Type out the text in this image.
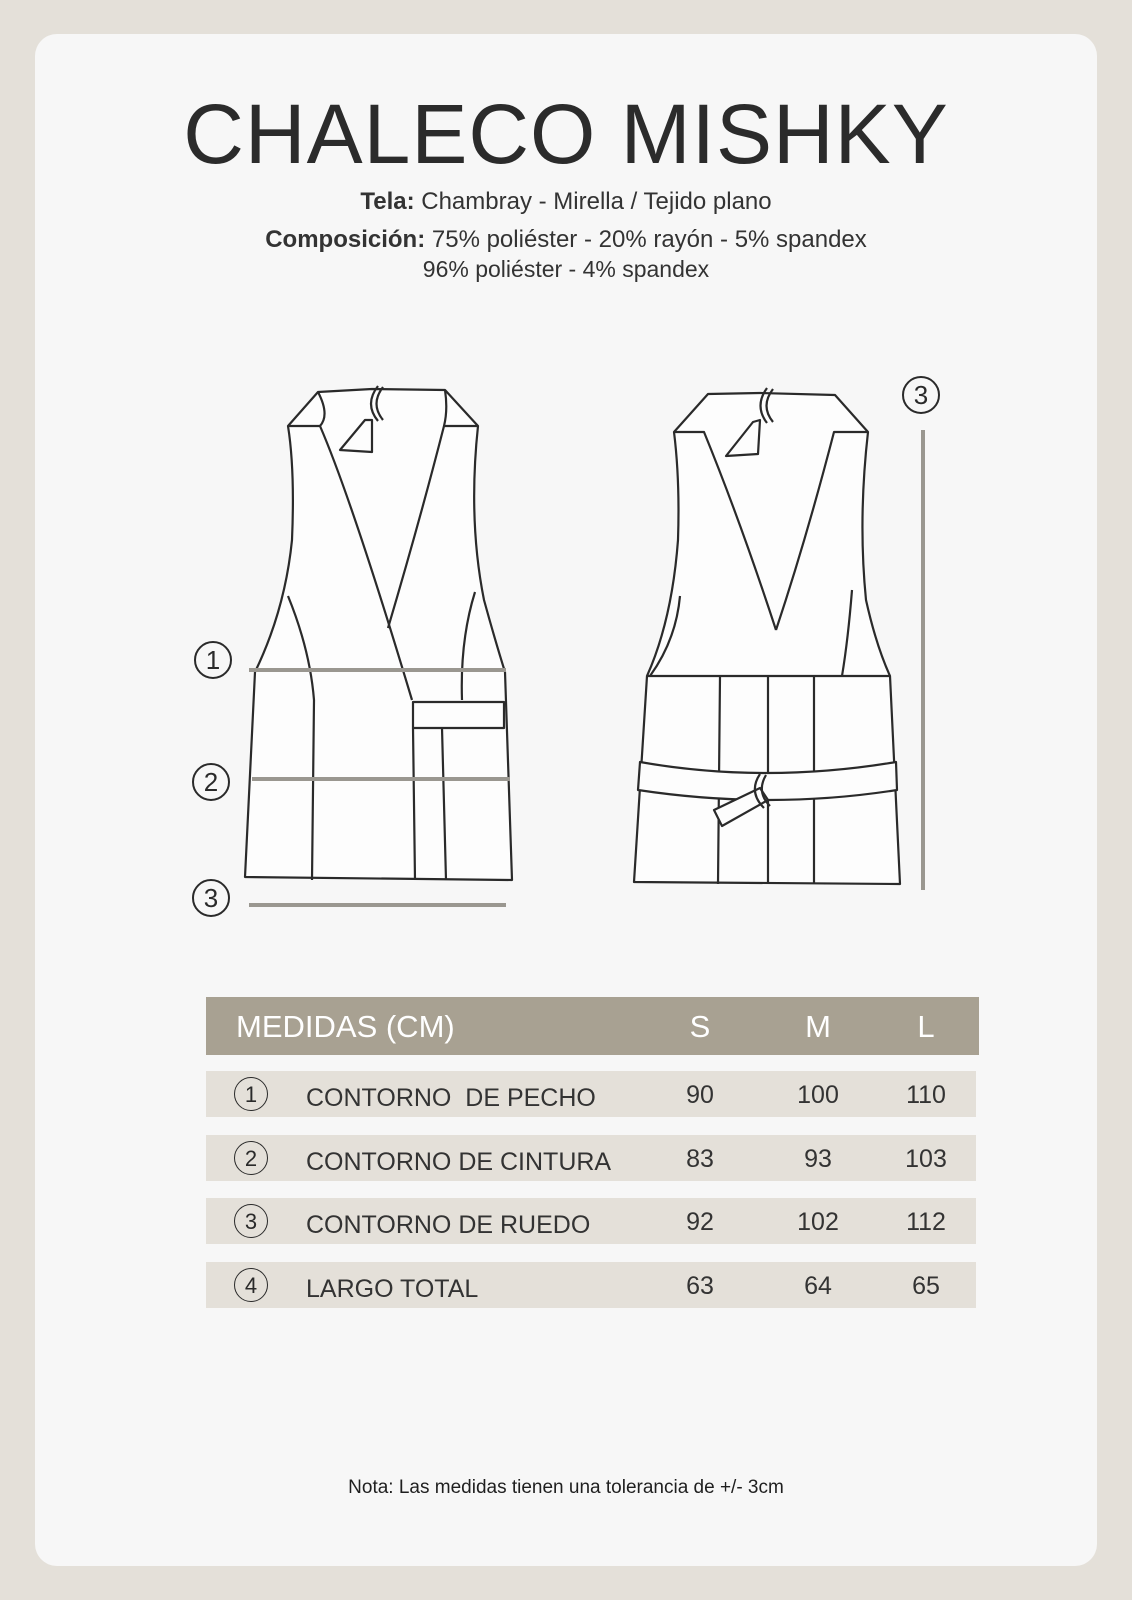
CHALECO MISHKY
Tela: Chambray - Mirella / Tejido plano
Composición: 75% poliéster - 20% rayón - 5% spandex
96% poliéster - 4% spandex
1
2
3
3
MEDIDAS (CM)	S	M	L
1	CONTORNO  DE PECHO	90	100	110
2	CONTORNO DE CINTURA	83	93	103
3	CONTORNO DE RUEDO	92	102	112
4	LARGO TOTAL	63	64	65
Nota: Las medidas tienen una tolerancia de +/- 3cm
